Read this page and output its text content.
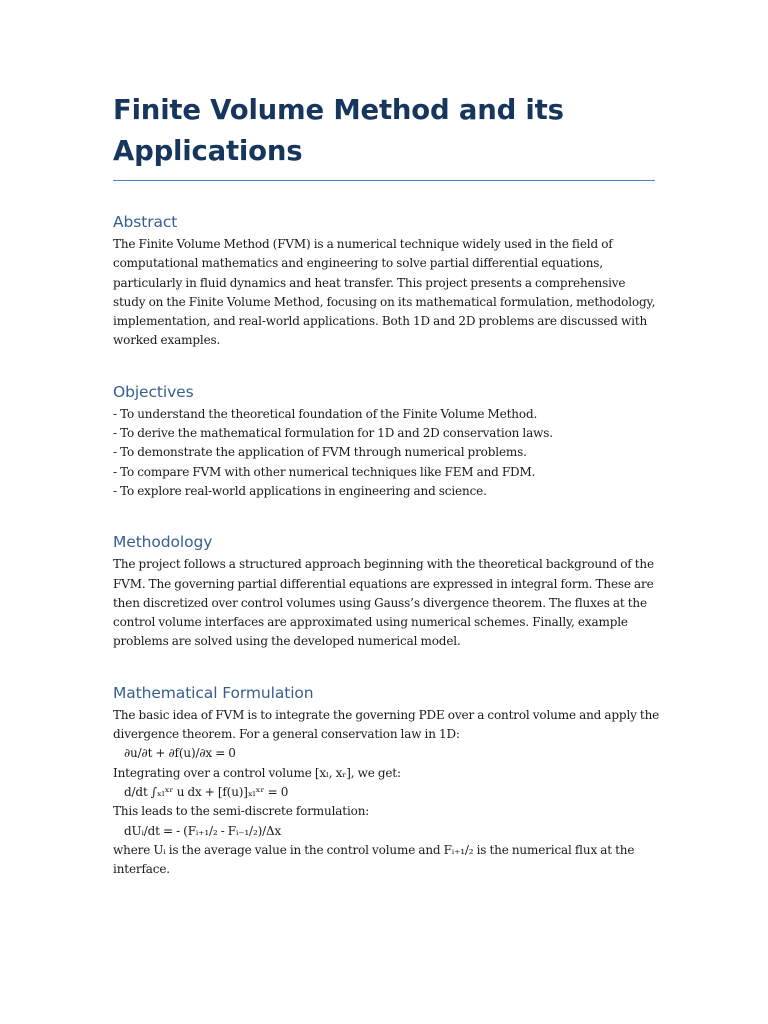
Finite Volume Method and its
Applications
Abstract

The Finite Volume Method (FVM) is a numerical technique widely used in the field of
computational mathematics and engineering to solve partial differential equations,
particularly in fluid dynamics and heat transfer. This project presents a comprehensive
study on the Finite Volume Method, focusing on its mathematical formulation, methodology,
implementation, and real-world applications. Both 1D and 2D problems are discussed with
worked examples.

Objectives

- To understand the theoretical foundation of the Finite Volume Method.
- To derive the mathematical formulation for 1D and 2D conservation laws.
- To demonstrate the application of FVM through numerical problems.
- To compare FVM with other numerical techniques like FEM and FDM.
- To explore real-world applications in engineering and science.

Methodology

The project follows a structured approach beginning with the theoretical background of the
FVM. The governing partial differential equations are expressed in integral form. These are
then discretized over control volumes using Gauss’s divergence theorem. The fluxes at the
control volume interfaces are approximated using numerical schemes. Finally, example
problems are solved using the developed numerical model.

Mathematical Formulation

The basic idea of FVM is to integrate the governing PDE over a control volume and apply the
divergence theorem. For a general conservation law in 1D:
∂u/∂t + ∂f(u)/∂x = 0
Integrating over a control volume [xₗ, xᵣ], we get:
d/dt ∫ₓₗˣʳ u dx + [f(u)]ₓₗˣʳ = 0
This leads to the semi-discrete formulation:
dUᵢ/dt = - (Fᵢ₊₁/₂ - Fᵢ₋₁/₂)/Δx
where Uᵢ is the average value in the control volume and Fᵢ₊₁/₂ is the numerical flux at the
interface.
